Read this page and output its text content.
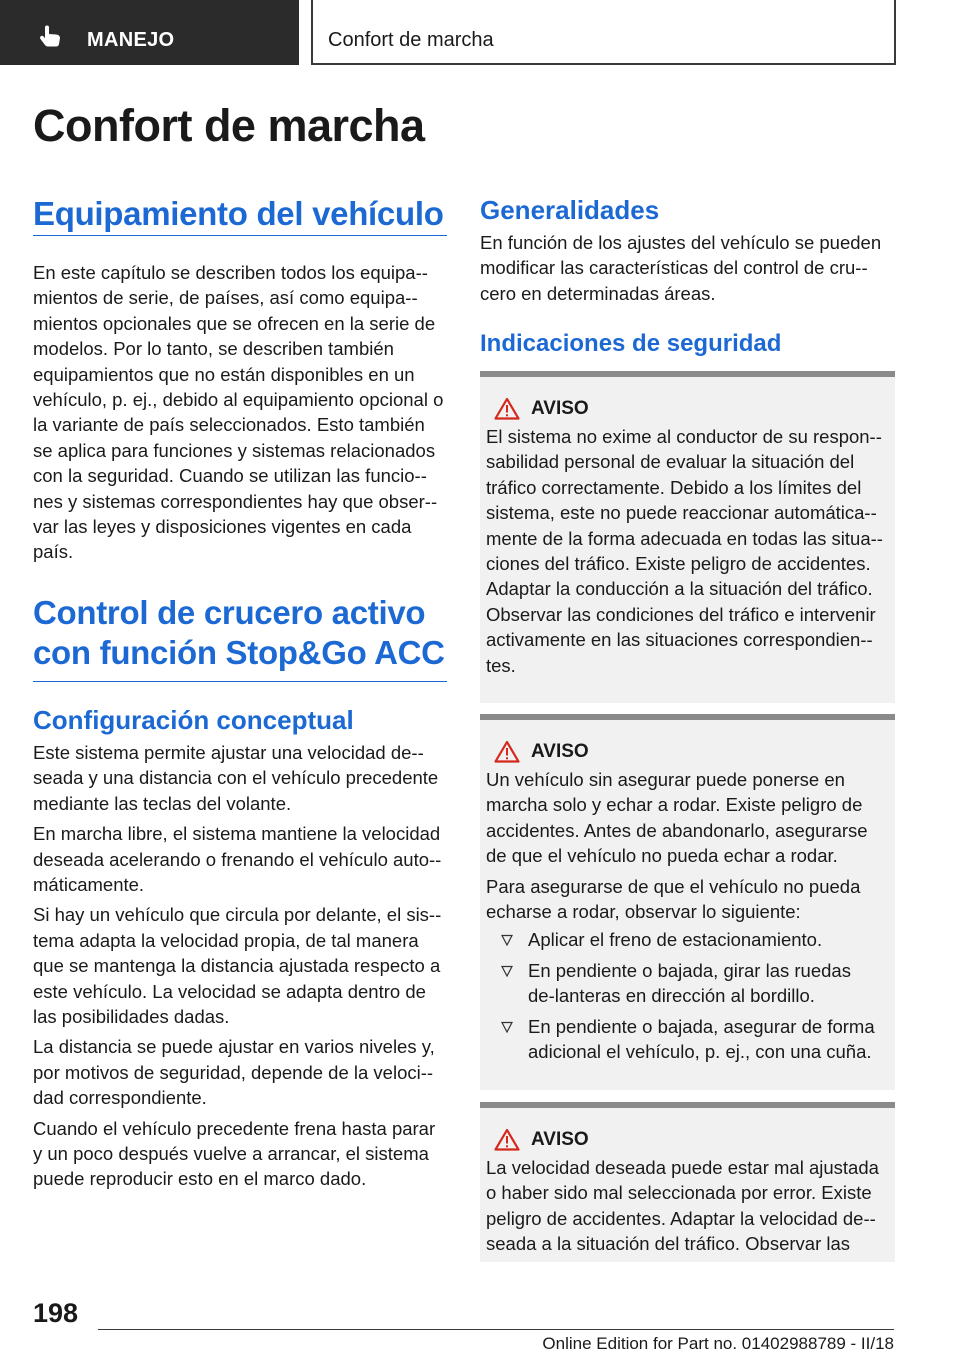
MANEJO	Confort de marcha
Confort de marcha
Equipamiento del vehículo
En este capítulo se describen todos los equipa-mientos de serie, de países, así como equipa-mientos opcionales que se ofrecen en la serie de modelos. Por lo tanto, se describen también equipamientos que no están disponibles en un vehículo, p. ej., debido al equipamiento opcional o la variante de país seleccionados. Esto también se aplica para funciones y sistemas relacionados con la seguridad. Cuando se utilizan las funcio-nes y sistemas correspondientes hay que obser-var las leyes y disposiciones vigentes en cada país.
Control de crucero activo con función Stop&Go ACC
Configuración conceptual
Este sistema permite ajustar una velocidad de-seada y una distancia con el vehículo precedente mediante las teclas del volante.
En marcha libre, el sistema mantiene la velocidad deseada acelerando o frenando el vehículo auto-máticamente.
Si hay un vehículo que circula por delante, el sis-tema adapta la velocidad propia, de tal manera que se mantenga la distancia ajustada respecto a este vehículo. La velocidad se adapta dentro de las posibilidades dadas.
La distancia se puede ajustar en varios niveles y, por motivos de seguridad, depende de la veloci-dad correspondiente.
Cuando el vehículo precedente frena hasta parar y un poco después vuelve a arrancar, el sistema puede reproducir esto en el marco dado.
Generalidades
En función de los ajustes del vehículo se pueden modificar las características del control de cru-cero en determinadas áreas.
Indicaciones de seguridad
AVISO
El sistema no exime al conductor de su respon-sabilidad personal de evaluar la situación del tráfico correctamente. Debido a los límites del sistema, este no puede reaccionar automática-mente de la forma adecuada en todas las situa-ciones del tráfico. Existe peligro de accidentes. Adaptar la conducción a la situación del tráfico. Observar las condiciones del tráfico e intervenir activamente en las situaciones correspondien-tes.
AVISO
Un vehículo sin asegurar puede ponerse en marcha solo y echar a rodar. Existe peligro de accidentes. Antes de abandonarlo, asegurarse de que el vehículo no pueda echar a rodar.
Para asegurarse de que el vehículo no pueda echarse a rodar, observar lo siguiente:
Aplicar el freno de estacionamiento.
En pendiente o bajada, girar las ruedas de-lanteras en dirección al bordillo.
En pendiente o bajada, asegurar de forma adicional el vehículo, p. ej., con una cuña.
AVISO
La velocidad deseada puede estar mal ajustada o haber sido mal seleccionada por error. Existe peligro de accidentes. Adaptar la velocidad de-seada a la situación del tráfico. Observar las
198
Online Edition for Part no. 01402988789 - II/18
